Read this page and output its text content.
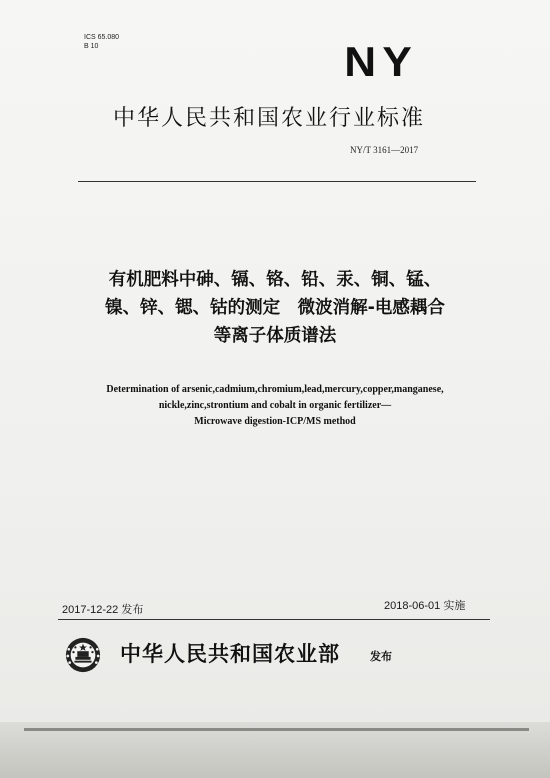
ICS 65.080
B 10	NY
中华人民共和国农业行业标准
NY/T 3161—2017
有机肥料中砷、镉、铬、铅、汞、铜、锰、
镍、锌、锶、钴的测定　微波消解-电感耦合
等离子体质谱法
Determination of arsenic,cadmium,chromium,lead,mercury,copper,manganese,
nickle,zinc,strontium and cobalt in organic fertilizer—
Microwave digestion-ICP/MS method
2017-12-22 发布	2018-06-01 实施
中华人民共和国农业部	发布
